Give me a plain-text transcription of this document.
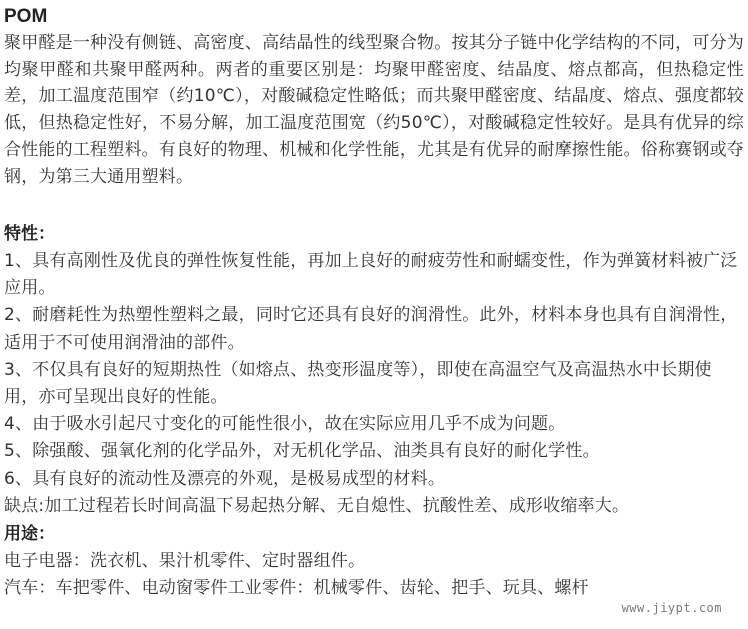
POM

聚甲醛是一种没有侧链、高密度、高结晶性的线型聚合物。按其分子链中化学结构的不同，可分为均聚甲醛和共聚甲醛两种。两者的重要区别是：均聚甲醛密度、结晶度、熔点都高，但热稳定性差，加工温度范围窄（约10℃），对酸碱稳定性略低；而共聚甲醛密度、结晶度、熔点、强度都较低，但热稳定性好，不易分解，加工温度范围宽（约50℃），对酸碱稳定性较好。是具有优异的综合性能的工程塑料。有良好的物理、机械和化学性能，尤其是有优异的耐摩擦性能。俗称赛钢或夺钢，为第三大通用塑料。

特性：

1、具有高刚性及优良的弹性恢复性能，再加上良好的耐疲劳性和耐蠕变性，作为弹簧材料被广泛应用。

2、耐磨耗性为热塑性塑料之最，同时它还具有良好的润滑性。此外，材料本身也具有自润滑性，适用于不可使用润滑油的部件。

3、不仅具有良好的短期热性（如熔点、热变形温度等），即使在高温空气及高温热水中长期使用，亦可呈现出良好的性能。

4、由于吸水引起尺寸变化的可能性很小，故在实际应用几乎不成为问题。

5、除强酸、强氧化剂的化学品外，对无机化学品、油类具有良好的耐化学性。

6、具有良好的流动性及漂亮的外观，是极易成型的材料。

缺点:加工过程若长时间高温下易起热分解、无自熄性、抗酸性差、成形收缩率大。

用途：

电子电器：洗衣机、果汁机零件、定时器组件。

汽车：车把零件、电动窗零件工业零件：机械零件、齿轮、把手、玩具、螺杆

www.jiypt.com
